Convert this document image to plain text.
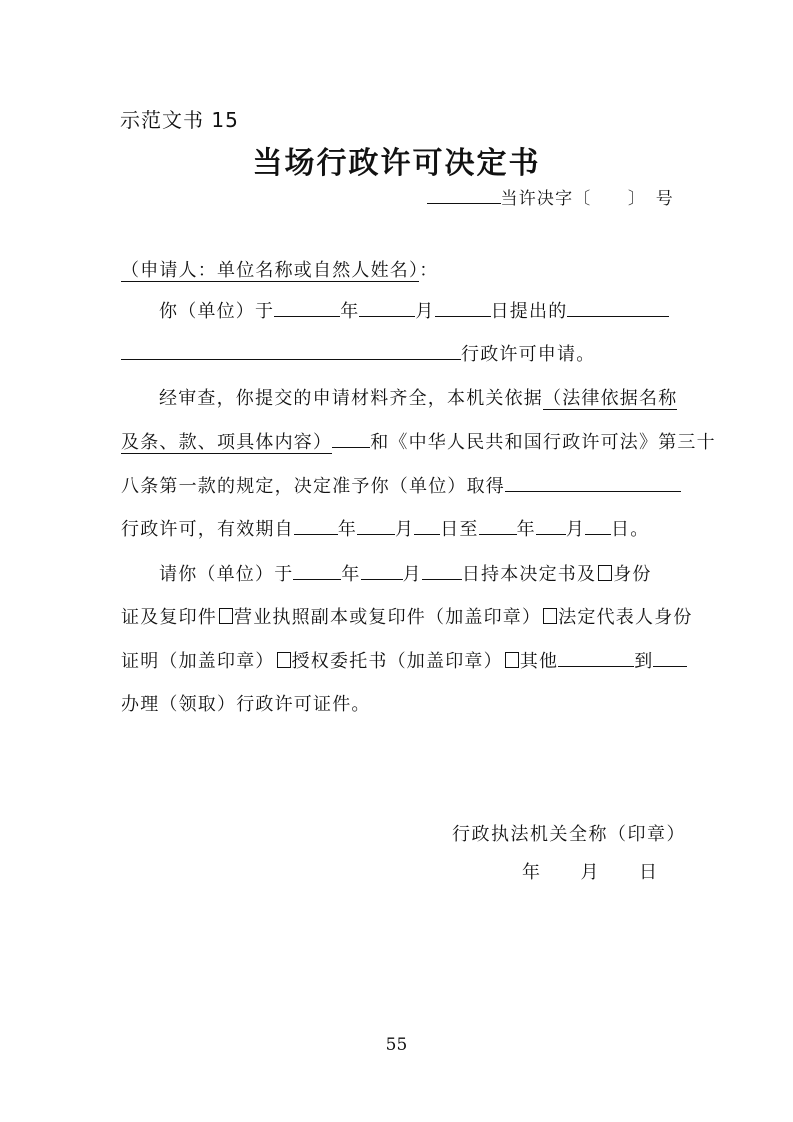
示范文书 15
当场行政许可决定书
当许决字〔　　〕　号
（申请人：单位名称或自然人姓名）：
你（单位）于	年	月	日提出的
行政许可申请。
经审查，你提交的申请材料齐全，本机关依据（法律依据名称
及条、款、项具体内容） 和《中华人民共和国行政许可法》第三十
八条第一款的规定，决定准予你（单位）取得
行政许可，有效期自 年 月 日至 年 月 日。
请你（单位）于	年 月 日持本决定书及 身份
证及复印件 营业执照副本或复印件（加盖印章） 法定代表人身份
证明（加盖印章） 授权委托书（加盖印章） 其他	到
办理（领取）行政许可证件。
行政执法机关全称（印章）
年　　月　　日
55
